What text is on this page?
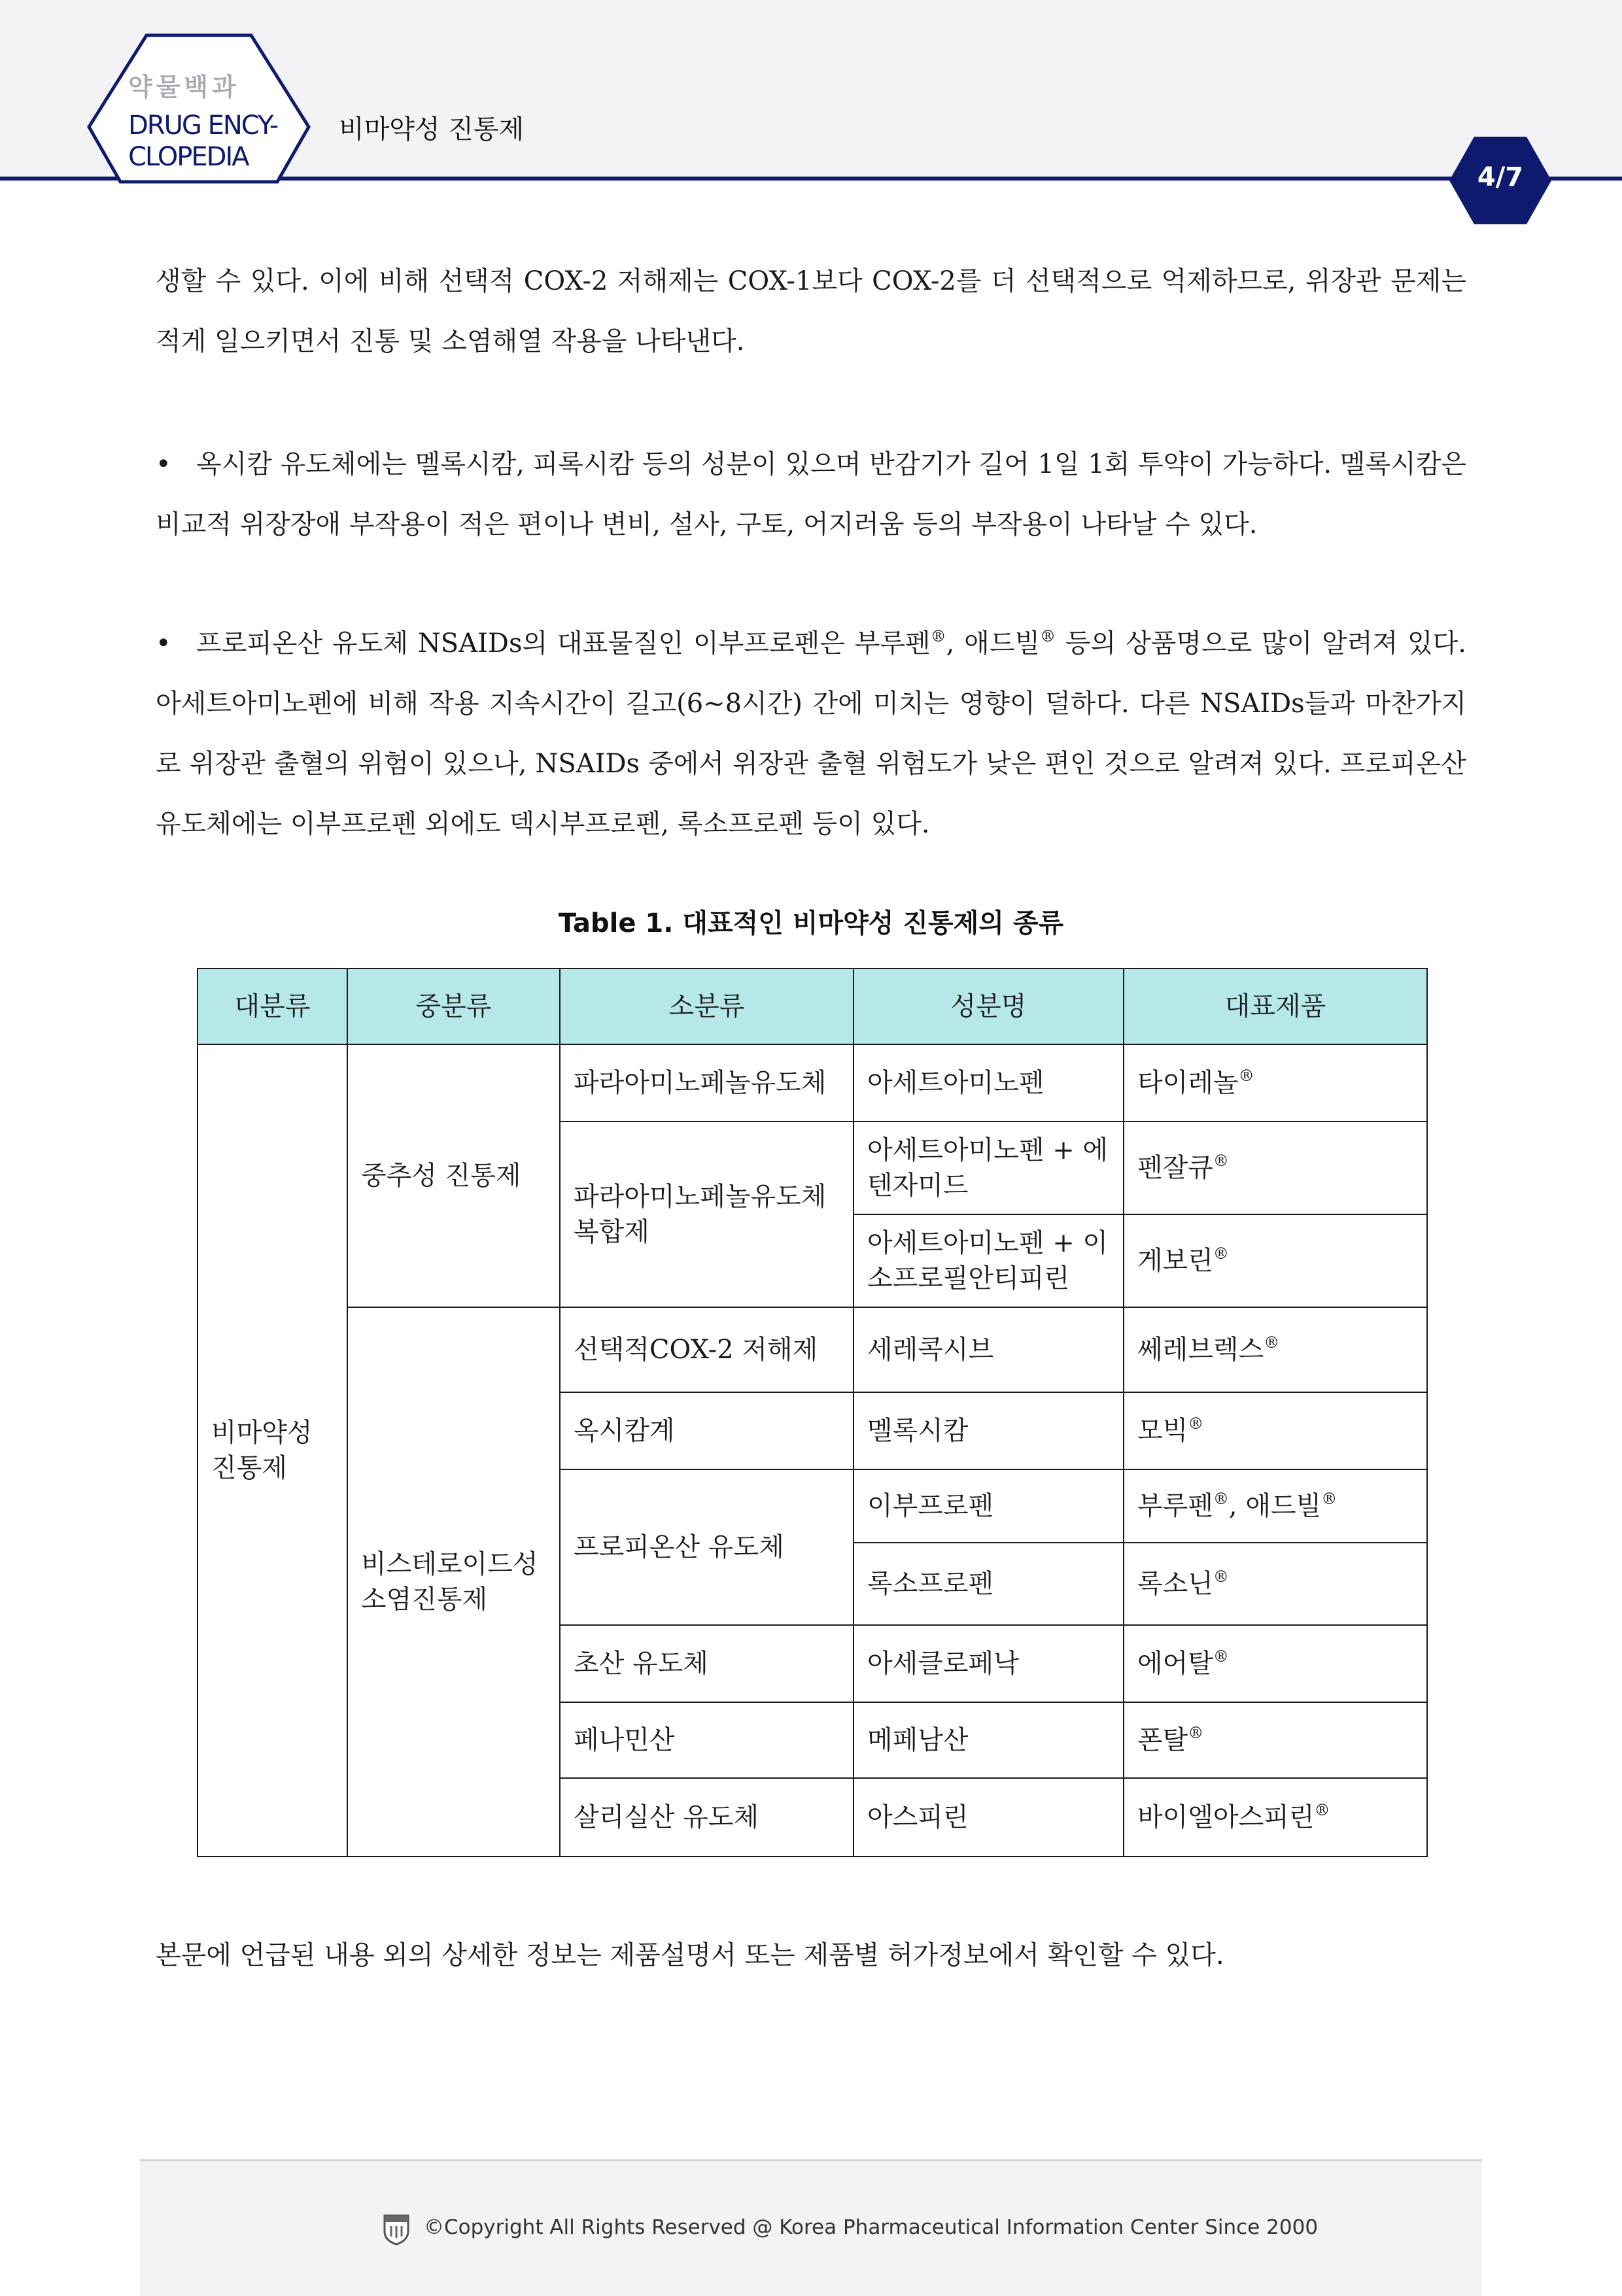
약물백과
DRUG ENCY-
CLOPEDIA
비마약성 진통제
4/7

생할 수 있다. 이에 비해 선택적 COX-2 저해제는 COX-1보다 COX-2를 더 선택적으로 억제하므로, 위장관 문제는 적게 일으키면서 진통 및 소염해열 작용을 나타낸다.

• 옥시캄 유도체에는 멜록시캄, 피록시캄 등의 성분이 있으며 반감기가 길어 1일 1회 투약이 가능하다. 멜록시캄은 비교적 위장장애 부작용이 적은 편이나 변비, 설사, 구토, 어지러움 등의 부작용이 나타날 수 있다.

• 프로피온산 유도체 NSAIDs의 대표물질인 이부프로펜은 부루펜®, 애드빌® 등의 상품명으로 많이 알려져 있다. 아세트아미노펜에 비해 작용 지속시간이 길고(6~8시간) 간에 미치는 영향이 덜하다. 다른 NSAIDs들과 마찬가지로 위장관 출혈의 위험이 있으나, NSAIDs 중에서 위장관 출혈 위험도가 낮은 편인 것으로 알려져 있다. 프로피온산 유도체에는 이부프로펜 외에도 덱시부프로펜, 록소프로펜 등이 있다.

Table 1. 대표적인 비마약성 진통제의 종류
대분류	중분류	소분류	성분명	대표제품
비마약성 진통제	중추성 진통제	파라아미노페놀유도체	아세트아미노펜	타이레놀®
		파라아미노페놀유도체 복합제	아세트아미노펜 + 에텐자미드	펜잘큐®
			아세트아미노펜 + 이소프로필안티피린	게보린®
	비스테로이드성 소염진통제	선택적COX-2 저해제	세레콕시브	쎄레브렉스®
		옥시캄계	멜록시캄	모빅®
		프로피온산 유도체	이부프로펜	부루펜®, 애드빌®
			록소프로펜	록소닌®
		초산 유도체	아세클로페낙	에어탈®
		페나민산	메페남산	폰탈®
		살리실산 유도체	아스피린	바이엘아스피린®

본문에 언급된 내용 외의 상세한 정보는 제품설명서 또는 제품별 허가정보에서 확인할 수 있다.

©Copyright All Rights Reserved @ Korea Pharmaceutical Information Center Since 2000
